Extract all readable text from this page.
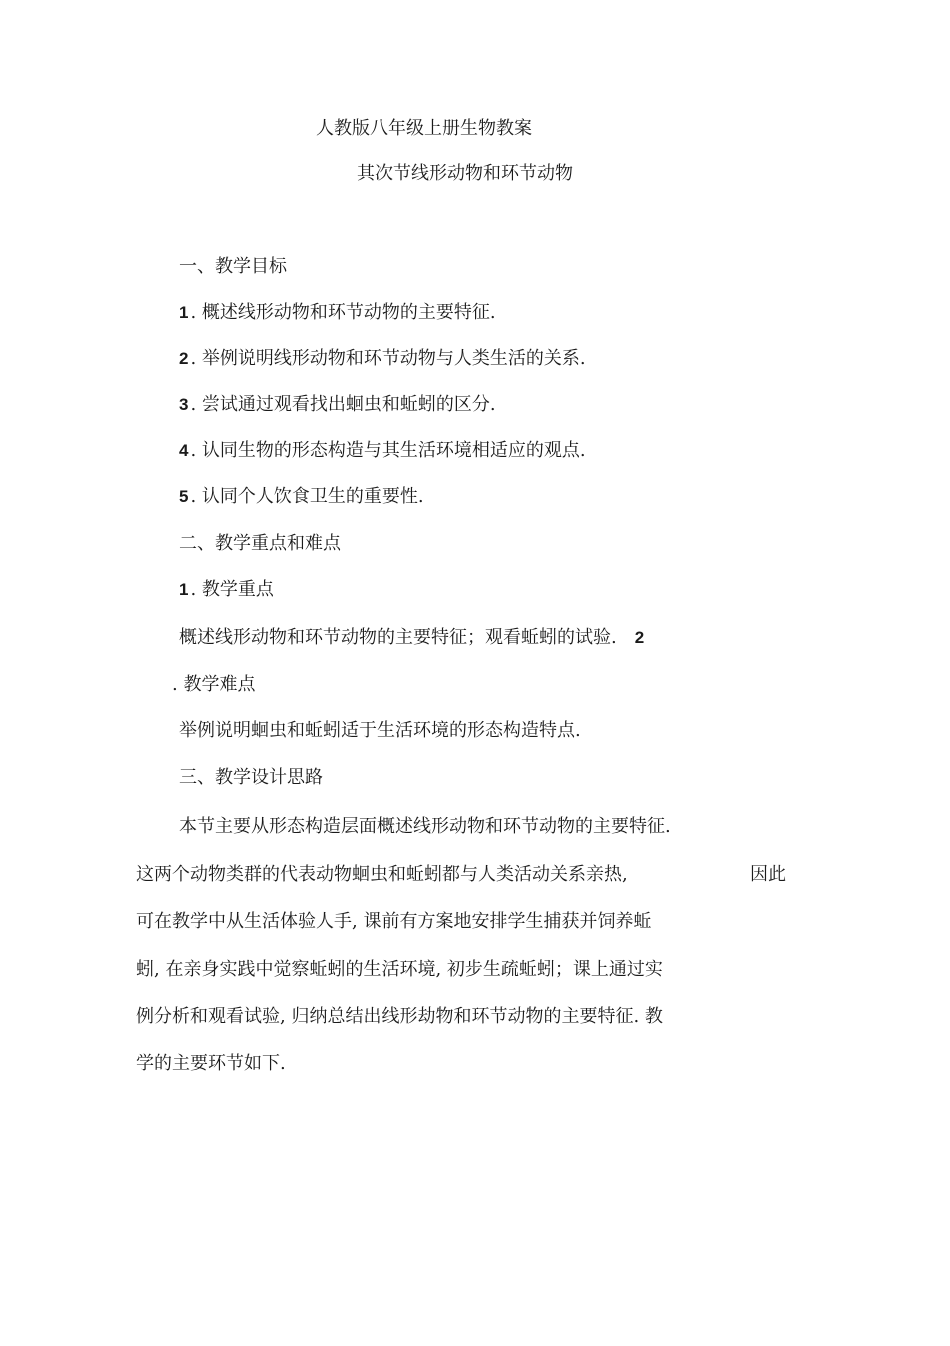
人教版八年级上册生物教案
其次节线形动物和环节动物
一、教学目标
1 . 概述线形动物和环节动物的主要特征.
2 . 举例说明线形动物和环节动物与人类生活的关系.
3 . 尝试通过观看找出蛔虫和蚯蚓的区分.
4 . 认同生物的形态构造与其生活环境相适应的观点.
5 . 认同个人饮食卫生的重要性.
二、教学重点和难点
1 . 教学重点
概述线形动物和环节动物的主要特征；观看蚯蚓的试验. 2
. 教学难点
举例说明蛔虫和蚯蚓适于生活环境的形态构造特点.
三、教学设计思路
本节主要从形态构造层面概述线形动物和环节动物的主要特征.
这两个动物类群的代表动物蛔虫和蚯蚓都与人类活动关系亲热,	因此
可在教学中从生活体验人手, 课前有方案地安排学生捕获并饲养蚯
蚓, 在亲身实践中觉察蚯蚓的生活环境, 初步生疏蚯蚓；课上通过实
例分析和观看试验, 归纳总结出线形劫物和环节动物的主要特征. 教
学的主要环节如下.
